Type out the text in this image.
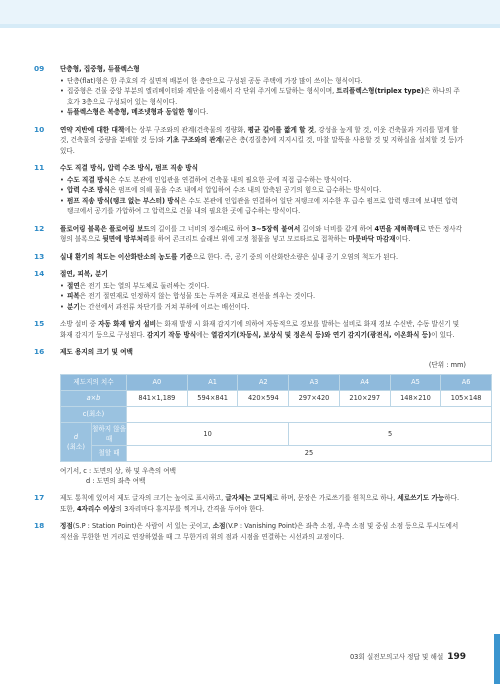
09 단층형, 집중형, 듀플렉스형
• 단층(flat)형은 한 주호의 각 실면적 배분이 한 층안으로 구성된 공동 주택에 가장 많이 쓰이는 형식이다.
• 집중형은 건물 중앙 부분의 엘리베이터와 계단을 이용해서 각 단위 주거에 도달하는 형식이며, 트리플렉스형(triplex type)은 하나의 주호가 3층으로 구성되어 있는 형식이다.
• 듀플렉스형은 복층형, 메조넷형과 동일한 형이다.
10 연약 지반에 대한 대책에는 상부 구조와의 관계(건축물의 경량화, 평균 길이를 짧게 할 것, 강성을 높게 할 것, 이웃 건축물과 거리를 멀게 할 것, 건축물의 중량을 분배할 것 등)와 기초 구조와의 관계(굳은 층(경질층)에 지지시킬 것, 마찰 말뚝을 사용할 것 및 지하실을 설치할 것 등)가 있다.
11 수도 직결 방식, 압력 수조 방식, 펌프 직송 방식
• 수도 직결 방식은 수도 본관에 인입관을 연결하여 건축물 내의 필요한 곳에 직접 급수하는 방식이다.
• 압력 수조 방식은 펌프에 의해 물을 수조 내에서 압입하여 수조 내의 압축된 공기의 힘으로 급수하는 방식이다.
• 펌프 직송 방식(탱크 없는 부스터) 방식은 수도 본관에 인입관을 연결하여 일단 저탱크에 저수한 후 급수 펌프로 압력 탱크에 보내면 압력 탱크에서 공기를 가압하여 그 압력으로 건물 내의 필요한 곳에 급수하는 방식이다.
12 플로어링 블록은 플로어링 보드의 길이를 그 너비의 정수배로 하여 3~5장씩 붙여서 길이와 너비를 같게 하여 4면을 제혀쪽매로 만든 정사각형의 블록으로 뒷면에 방부처리를 하여 콘크리트 슬래브 위에 고정 철물을 넣고 모르타르로 접착하는 마룻바닥 마감재이다.
13 실내 환기의 척도는 이산화탄소의 농도를 기준으로 한다. 즉, 공기 중의 이산화탄소량은 실내 공기 오염의 척도가 된다.
14 절연, 피복, 분기
• 절연은 전기 또는 열의 부도체로 둘러싸는 것이다.
• 피복은 전기 절연재로 인정하지 않는 합성물 또는 두꺼운 재료로 전선을 씌우는 것이다.
• 분기는 간선에서 과전류 차단기를 거쳐 부하에 이르는 배선이다.
15 소방 설비 중 자동 화재 탐지 설비는 화재 발생 시 화재 감지기에 의하여 자동적으로 경보를 발하는 설비로 화재 경보 수신반, 수동 발신기 및 화재 감지기 등으로 구성된다. 감지기 작동 방식에는 열감지기(차동식, 보상식 및 정온식 등)와 연기 감지기(광전식, 이온화식 등)이 있다.
16 제도 용지의 크기 및 여백
(단위 : mm)
제도지의 치수		A0	A1	A2	A3	A4	A5	A6
a×b		841×1,189	594×841	420×594	297×420	210×297	148×210	105×148
c(최소)								

d
(최소)	철하지 않을 때	10			5			
	철할 때	25						
여기서, c : 도면의 상, 하 및 우측의 여백
d : 도면의 좌측 여백
17 제도 통칙에 있어서 제도 글자의 크기는 높이로 표시하고, 글자체는 고딕체로 하며, 문장은 가로쓰기를 원칙으로 하나, 세로쓰기도 가능하다. 또한, 4자리수 이상의 3자리마다 휴지부를 찍거나, 간격을 두어야 한다.
18 정점(S.P : Station Point)은 사람이 서 있는 곳이고, 소점(V.P : Vanishing Point)은 좌측 소점, 우측 소점 및 중심 소점 등으로 투시도에서 직선을 무한한 먼 거리로 연장하였을 때 그 무한거리 위의 점과 시점을 연결하는 시선과의 교점이다.
03회 실전모의고사 정답 및 해설 199
